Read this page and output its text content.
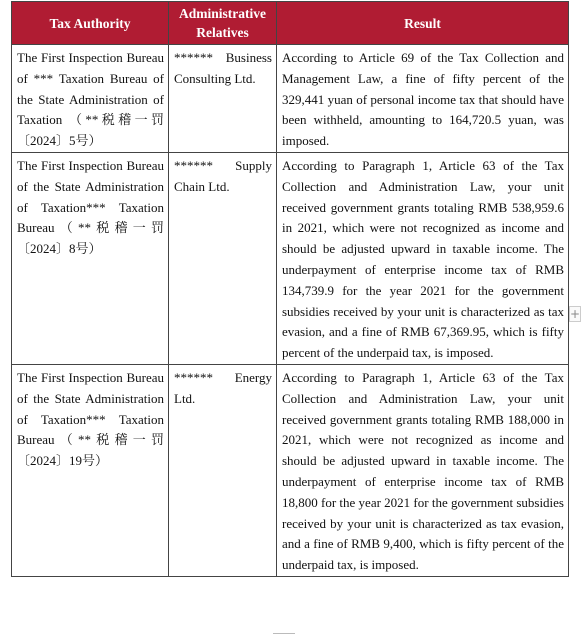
Tax Authority	Administrative Relatives	Result
The First Inspection Bureau of *** Taxation Bureau of the State Administration of Taxation （**税稽一罚〔2024〕5号）	****** Business Consulting Ltd.	According to Article 69 of the Tax Collection and Management Law, a fine of fifty percent of the 329,441 yuan of personal income tax that should have been withheld, amounting to 164,720.5 yuan, was imposed.
The First Inspection Bureau of the State Administration of Taxation*** Taxation Bureau（**税稽一罚〔2024〕8号）	****** Supply Chain Ltd.	According to Paragraph 1, Article 63 of the Tax Collection and Administration Law, your unit received government grants totaling RMB 538,959.6 in 2021, which were not recognized as income and should be adjusted upward in taxable income. The underpayment of enterprise income tax of RMB 134,739.9 for the year 2021 for the government subsidies received by your unit is characterized as tax evasion, and a fine of RMB 67,369.95, which is fifty percent of the underpaid tax, is imposed.
The First Inspection Bureau of the State Administration of Taxation*** Taxation Bureau（**税稽一罚〔2024〕19号）	****** Energy Ltd.	According to Paragraph 1, Article 63 of the Tax Collection and Administration Law, your unit received government grants totaling RMB 188,000 in 2021, which were not recognized as income and should be adjusted upward in taxable income. The underpayment of enterprise income tax of RMB 18,800 for the year 2021 for the government subsidies received by your unit is characterized as tax evasion, and a fine of RMB 9,400, which is fifty percent of the underpaid tax, is imposed.
+
